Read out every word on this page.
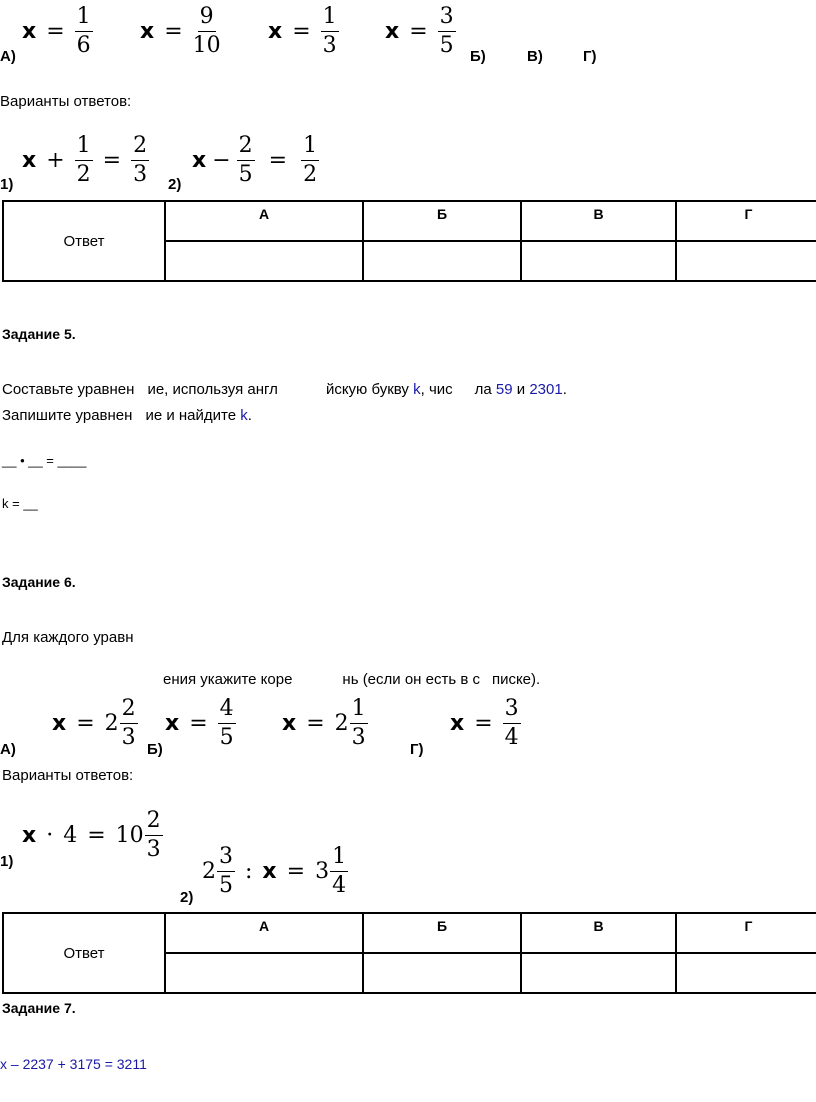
$x = \frac{1}{6}$ $x = \frac{9}{10}$ $x = \frac{1}{3}$ $x = \frac{3}{5}$
А)	Б)	В)	Г)
Варианты ответов:
$x + \frac{1}{2} = \frac{2}{3}$
1)
$x - \frac{2}{5} = \frac{1}{2}$
2)
Ответ	А	Б	В	Г

Задание 5.
Составьте уравнен ие, используя англ	йскую букву k, чис ла 59 и 2301.
Запишите уравнен ие и найдите k.
__ • __ = ____
k = __
Задание 6.
Для каждого уравн
ения укажите коре	нь (если он есть в с писке).
$x = 2 \frac{2}{3}$ $x = \frac{4}{5}$ $x = 2 \frac{1}{3}$	$x = \frac{3}{4}$
А)	Б)	Г)
Варианты ответов:
$x \cdot 4 = 10 \frac{2}{3}$
1)	$2 \frac{3}{5}$ : $x = 3 \frac{1}{4}$
2)
Ответ	А	Б	В	Г

Задание 7.
x – 2237 + 3175 = 3211
